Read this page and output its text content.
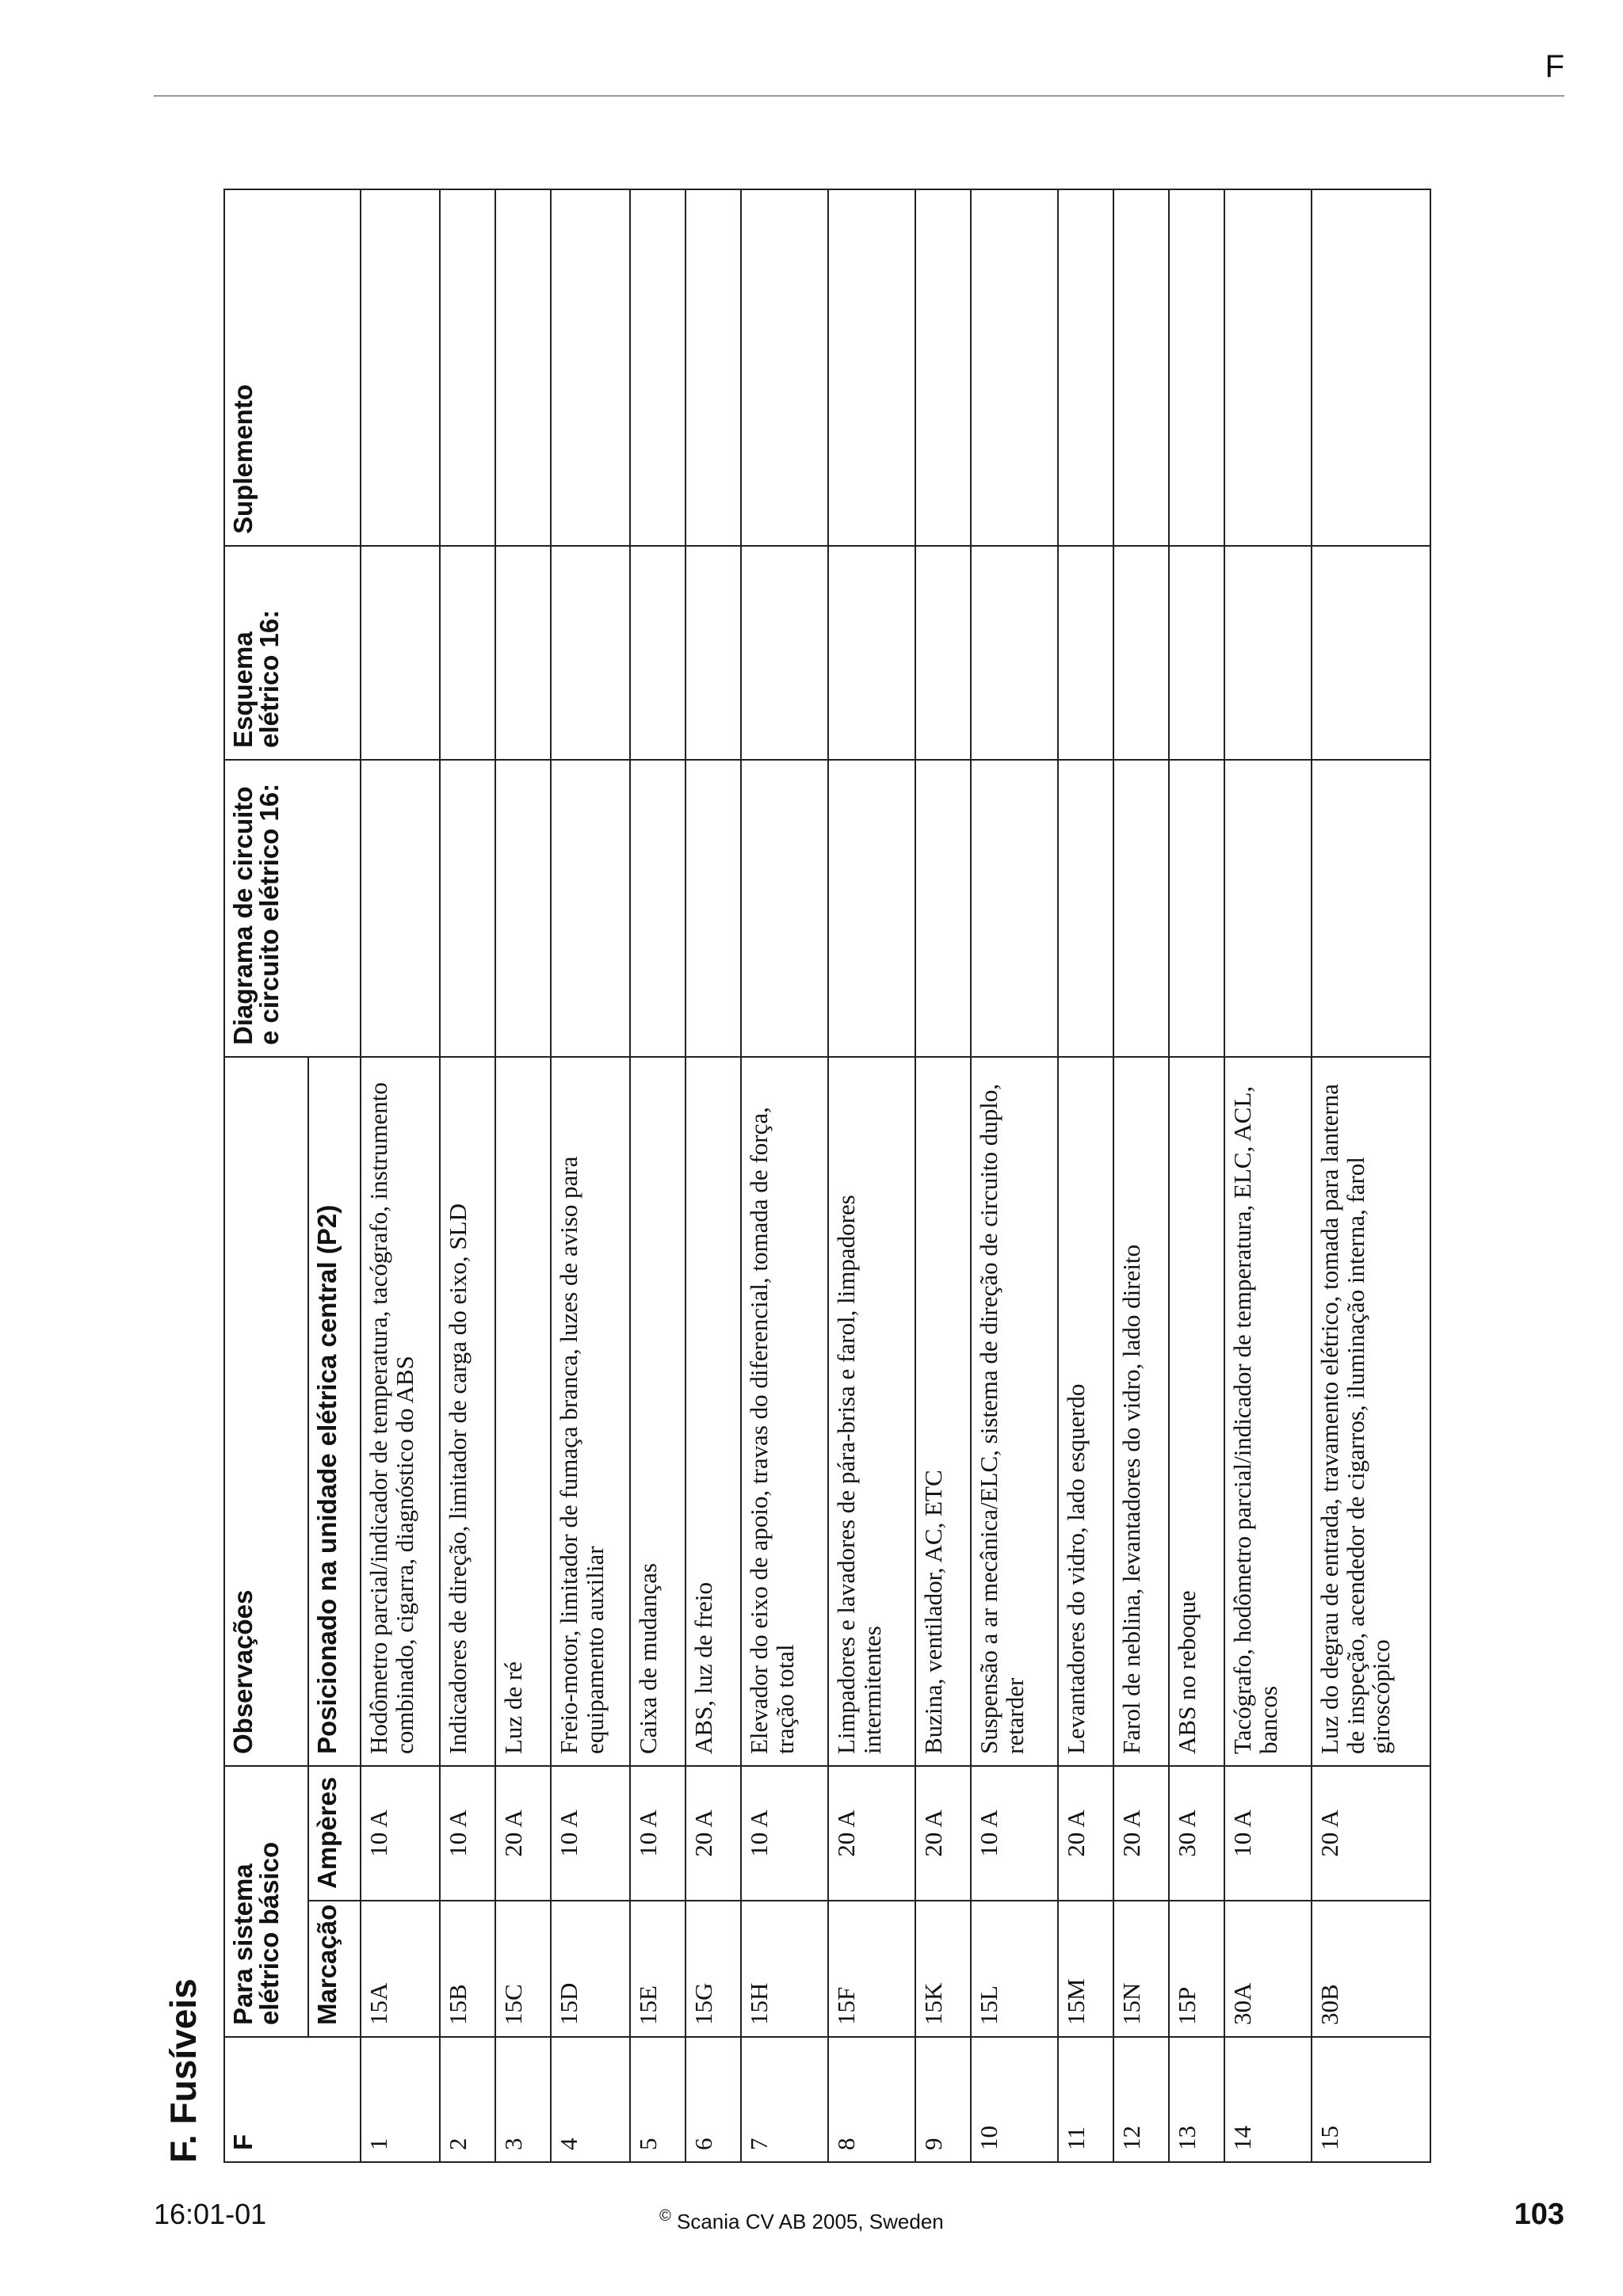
F
F. Fusíveis F	Para sistema elétrico básico		Observações	Diagrama de circuito e circuito elétrico 16:	Esquema elétrico 16:	Suplemento
	Marcação	Ampères	Posicionado na unidade elétrica central (P2)			
1	15A	10 A	Hodômetro parcial/indicador de temperatura, tacógrafo, instrumento combinado, cigarra, diagnóstico do ABS			
2	15B	10 A	Indicadores de direção, limitador de carga do eixo, SLD			
3	15C	20 A	Luz de ré			
4	15D	10 A	Freio-motor, limitador de fumaça branca, luzes de aviso para equipamento auxiliar			
5	15E	10 A	Caixa de mudanças			
6	15G	20 A	ABS, luz de freio			
7	15H	10 A	Elevador do eixo de apoio, travas do diferencial, tomada de força, tração total			
8	15F	20 A	Limpadores e lavadores de pára-brisa e farol, limpadores intermitentes			
9	15K	20 A	Buzina, ventilador, AC, ETC			
10	15L	10 A	Suspensão a ar mecânica/ELC, sistema de direção de circuito duplo, retarder			
11	15M	20 A	Levantadores do vidro, lado esquerdo			
12	15N	20 A	Farol de neblina, levantadores do vidro, lado direito			
13	15P	30 A	ABS no reboque			
14	30A	10 A	Tacógrafo, hodômetro parcial/indicador de temperatura, ELC, ACL, bancos			
15	30B	20 A	Luz do degrau de entrada, travamento elétrico, tomada para lanterna de inspeção, acendedor de cigarros, iluminação interna, farol giroscópico			
16:01-01	© Scania CV AB 2005, Sweden	103
